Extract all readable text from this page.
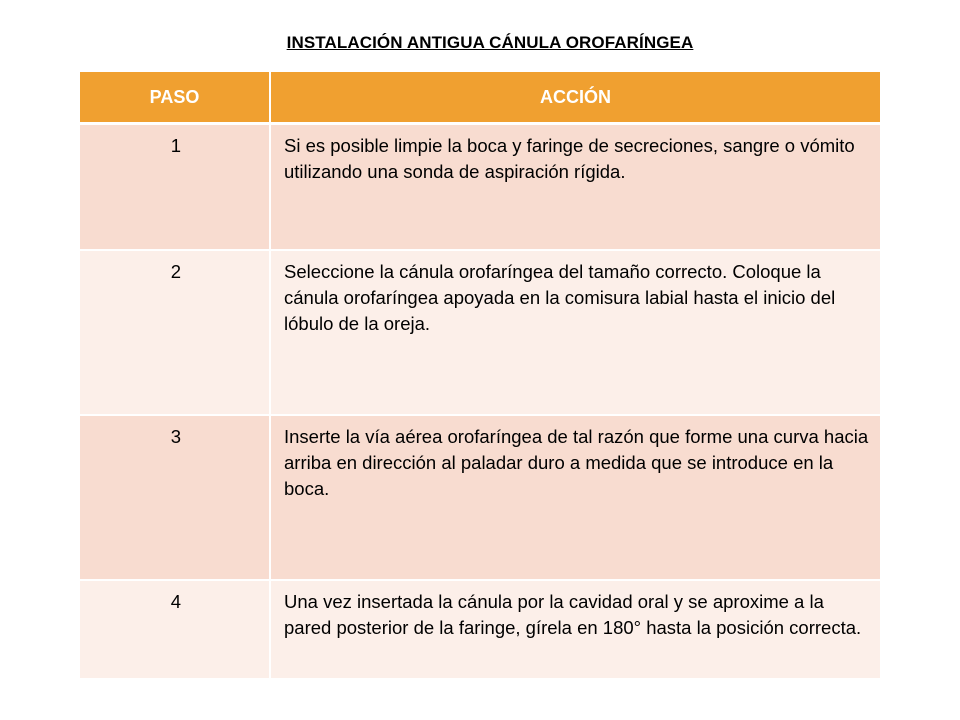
INSTALACIÓN ANTIGUA CÁNULA OROFARÍNGEA
PASO	ACCIÓN
1	Si es posible limpie la boca y faringe de secreciones, sangre o vómito utilizando una sonda de aspiración rígida.
2	Seleccione la cánula orofaríngea del tamaño correcto. Coloque la cánula orofaríngea apoyada en la comisura labial hasta el inicio del lóbulo de la oreja.
3	Inserte la vía aérea orofaríngea de tal razón que forme una curva hacia arriba en dirección al paladar duro a medida que se introduce en la boca.
4	Una vez insertada la cánula por la cavidad oral y se aproxime a la pared posterior de la faringe, gírela en 180° hasta la posición correcta.
